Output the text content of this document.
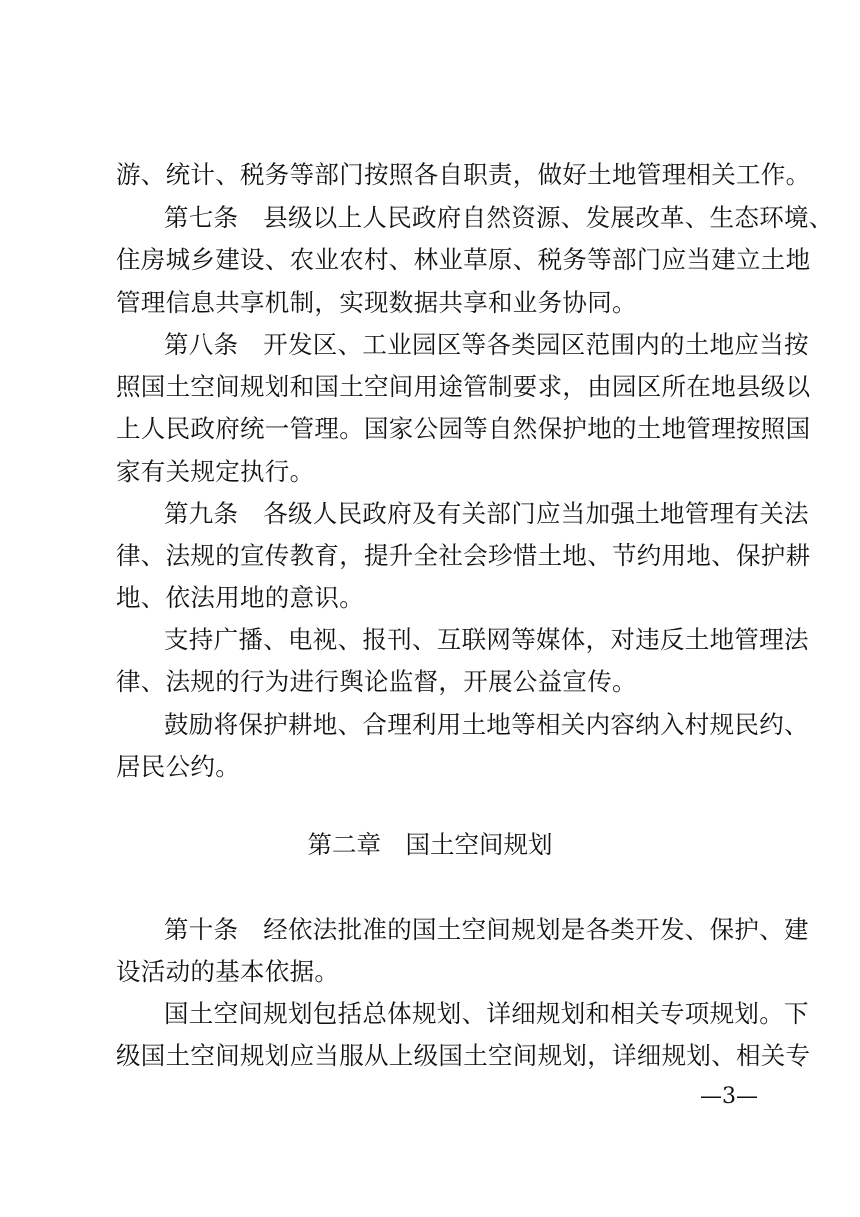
游、统计、税务等部门按照各自职责，做好土地管理相关工作。
第七条　县级以上人民政府自然资源、发展改革、生态环境、
住房城乡建设、农业农村、林业草原、税务等部门应当建立土地
管理信息共享机制，实现数据共享和业务协同。
第八条　开发区、工业园区等各类园区范围内的土地应当按
照国土空间规划和国土空间用途管制要求，由园区所在地县级以
上人民政府统一管理。国家公园等自然保护地的土地管理按照国
家有关规定执行。
第九条　各级人民政府及有关部门应当加强土地管理有关法
律、法规的宣传教育，提升全社会珍惜土地、节约用地、保护耕
地、依法用地的意识。
支持广播、电视、报刊、互联网等媒体，对违反土地管理法
律、法规的行为进行舆论监督，开展公益宣传。
鼓励将保护耕地、合理利用土地等相关内容纳入村规民约、
居民公约。
第二章　国土空间规划
第十条　经依法批准的国土空间规划是各类开发、保护、建
设活动的基本依据。
国土空间规划包括总体规划、详细规划和相关专项规划。下
级国土空间规划应当服从上级国土空间规划，详细规划、相关专
—3—
